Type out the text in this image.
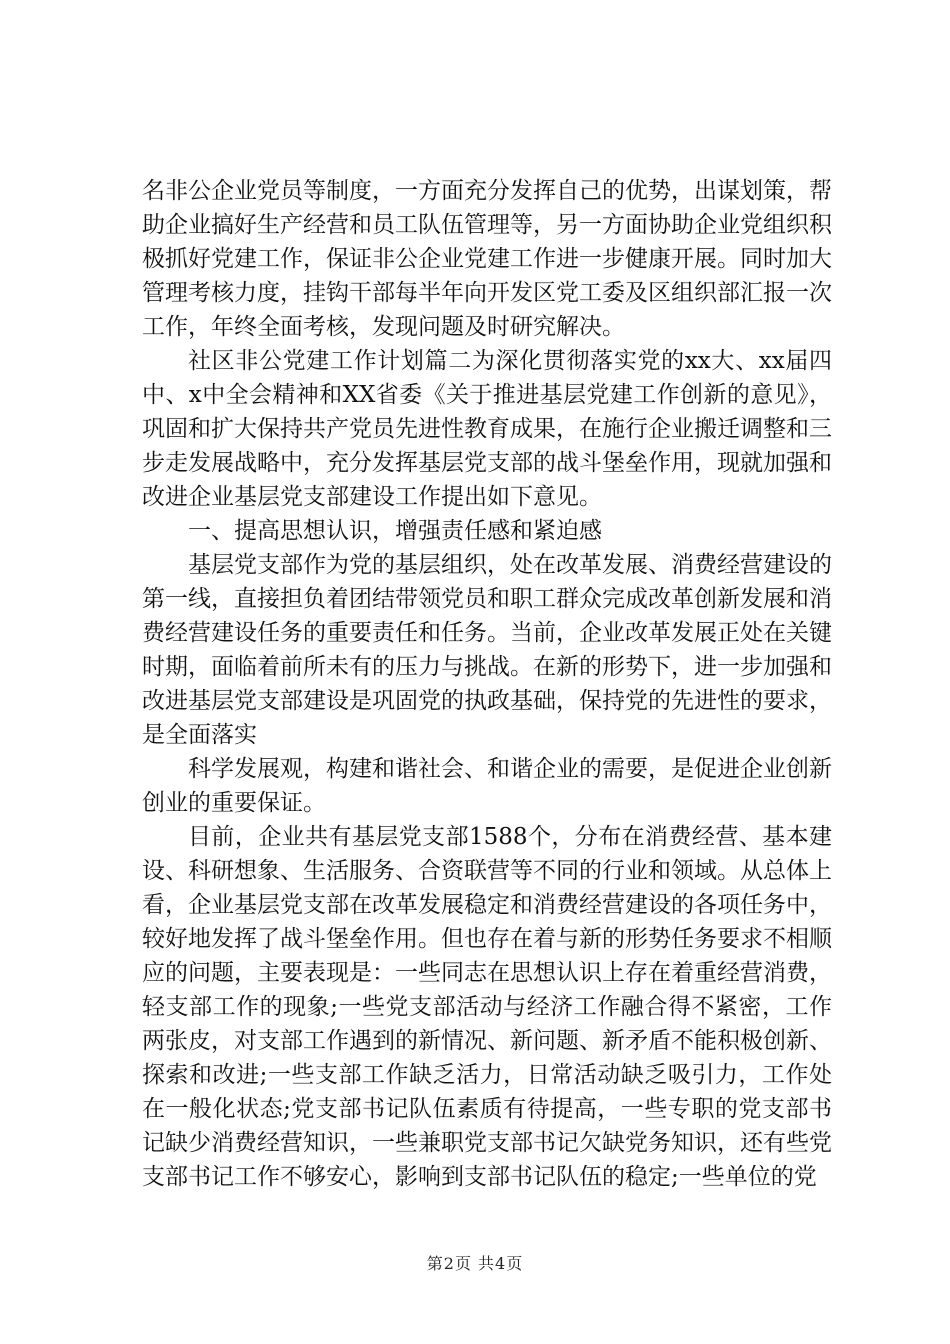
名非公企业党员等制度，一方面充分发挥自己的优势，出谋划策，帮助企业搞好生产经营和员工队伍管理等，另一方面协助企业党组织积极抓好党建工作，保证非公企业党建工作进一步健康开展。同时加大管理考核力度，挂钩干部每半年向开发区党工委及区组织部汇报一次工作，年终全面考核，发现问题及时研究解决。

社区非公党建工作计划篇二为深化贯彻落实党的xx大、xx届四中、x中全会精神和XX省委《关于推进基层党建工作创新的意见》，巩固和扩大保持共产党员先进性教育成果，在施行企业搬迁调整和三步走发展战略中，充分发挥基层党支部的战斗堡垒作用，现就加强和改进企业基层党支部建设工作提出如下意见。

一、提高思想认识，增强责任感和紧迫感

基层党支部作为党的基层组织，处在改革发展、消费经营建设的第一线，直接担负着团结带领党员和职工群众完成改革创新发展和消费经营建设任务的重要责任和任务。当前，企业改革发展正处在关键时期，面临着前所未有的压力与挑战。在新的形势下，进一步加强和改进基层党支部建设是巩固党的执政基础，保持党的先进性的要求，是全面落实

科学发展观，构建和谐社会、和谐企业的需要，是促进企业创新创业的重要保证。

目前，企业共有基层党支部1588个，分布在消费经营、基本建设、科研想象、生活服务、合资联营等不同的行业和领域。从总体上看，企业基层党支部在改革发展稳定和消费经营建设的各项任务中，较好地发挥了战斗堡垒作用。但也存在着与新的形势任务要求不相顺应的问题，主要表现是：一些同志在思想认识上存在着重经营消费，轻支部工作的现象;一些党支部活动与经济工作融合得不紧密，工作两张皮，对支部工作遇到的新情况、新问题、新矛盾不能积极创新、探索和改进;一些支部工作缺乏活力，日常活动缺乏吸引力，工作处在一般化状态;党支部书记队伍素质有待提高，一些专职的党支部书记缺少消费经营知识，一些兼职党支部书记欠缺党务知识，还有些党支部书记工作不够安心，影响到支部书记队伍的稳定;一些单位的党

第2页 共4页
